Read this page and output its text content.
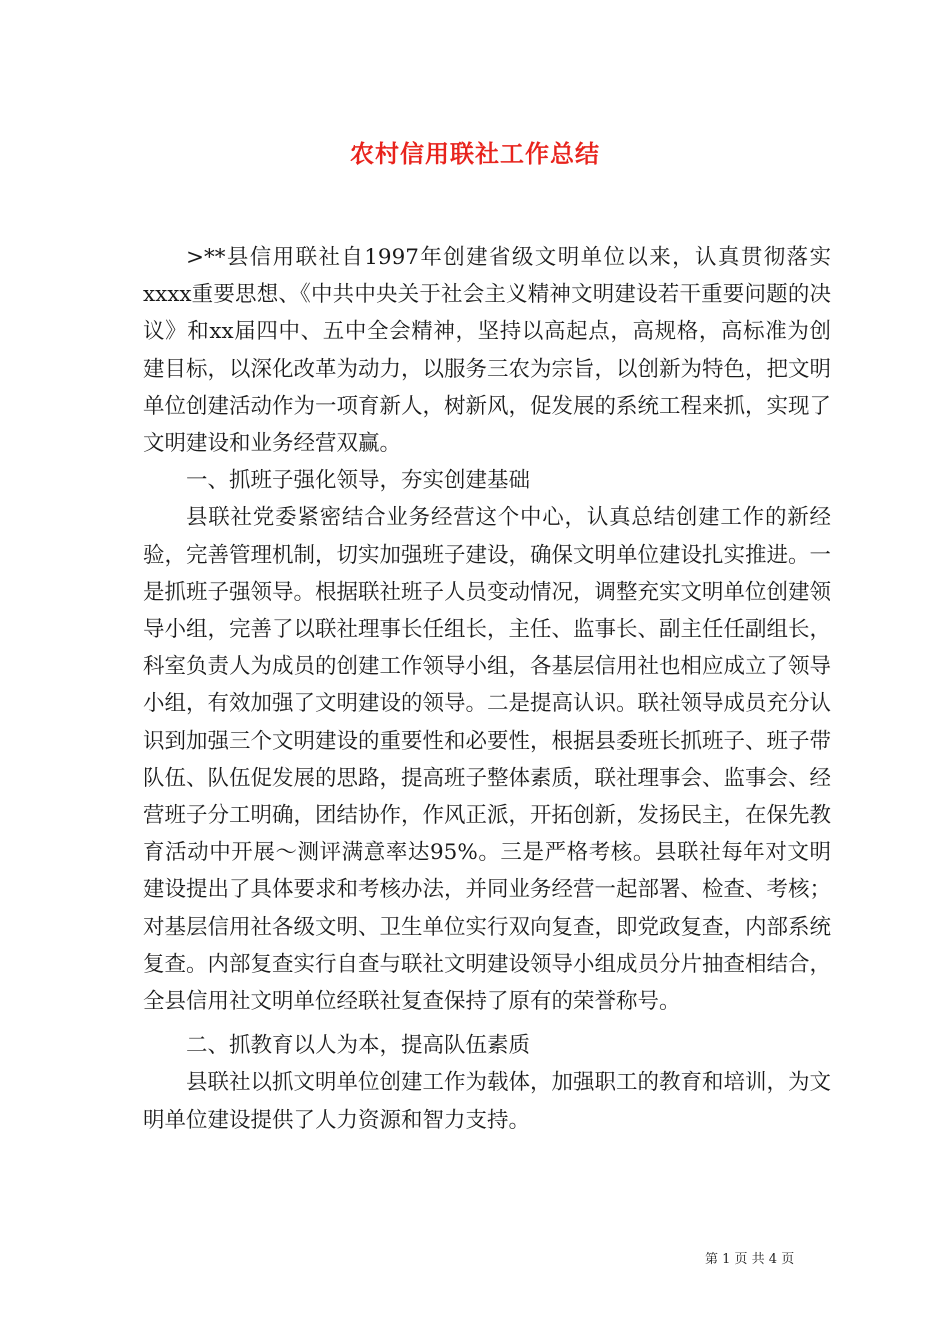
农村信用联社工作总结

>**县信用联社自1997年创建省级文明单位以来，认真贯彻落实xxxx重要思想、《中共中央关于社会主义精神文明建设若干重要问题的决议》和xx届四中、五中全会精神，坚持以高起点，高规格，高标准为创建目标，以深化改革为动力，以服务三农为宗旨，以创新为特色，把文明单位创建活动作为一项育新人，树新风，促发展的系统工程来抓，实现了文明建设和业务经营双赢。

一、抓班子强化领导，夯实创建基础

县联社党委紧密结合业务经营这个中心，认真总结创建工作的新经验，完善管理机制，切实加强班子建设，确保文明单位建设扎实推进。一是抓班子强领导。根据联社班子人员变动情况，调整充实文明单位创建领导小组，完善了以联社理事长任组长，主任、监事长、副主任任副组长，科室负责人为成员的创建工作领导小组，各基层信用社也相应成立了领导小组，有效加强了文明建设的领导。二是提高认识。联社领导成员充分认识到加强三个文明建设的重要性和必要性，根据县委班长抓班子、班子带队伍、队伍促发展的思路，提高班子整体素质，联社理事会、监事会、经营班子分工明确，团结协作，作风正派，开拓创新，发扬民主，在保先教育活动中开展～测评满意率达95%。三是严格考核。县联社每年对文明建设提出了具体要求和考核办法，并同业务经营一起部署、检查、考核；对基层信用社各级文明、卫生单位实行双向复查，即党政复查，内部系统复查。内部复查实行自查与联社文明建设领导小组成员分片抽查相结合，全县信用社文明单位经联社复查保持了原有的荣誉称号。

二、抓教育以人为本，提高队伍素质

县联社以抓文明单位创建工作为载体，加强职工的教育和培训，为文明单位建设提供了人力资源和智力支持。

第 1 页 共 4 页
